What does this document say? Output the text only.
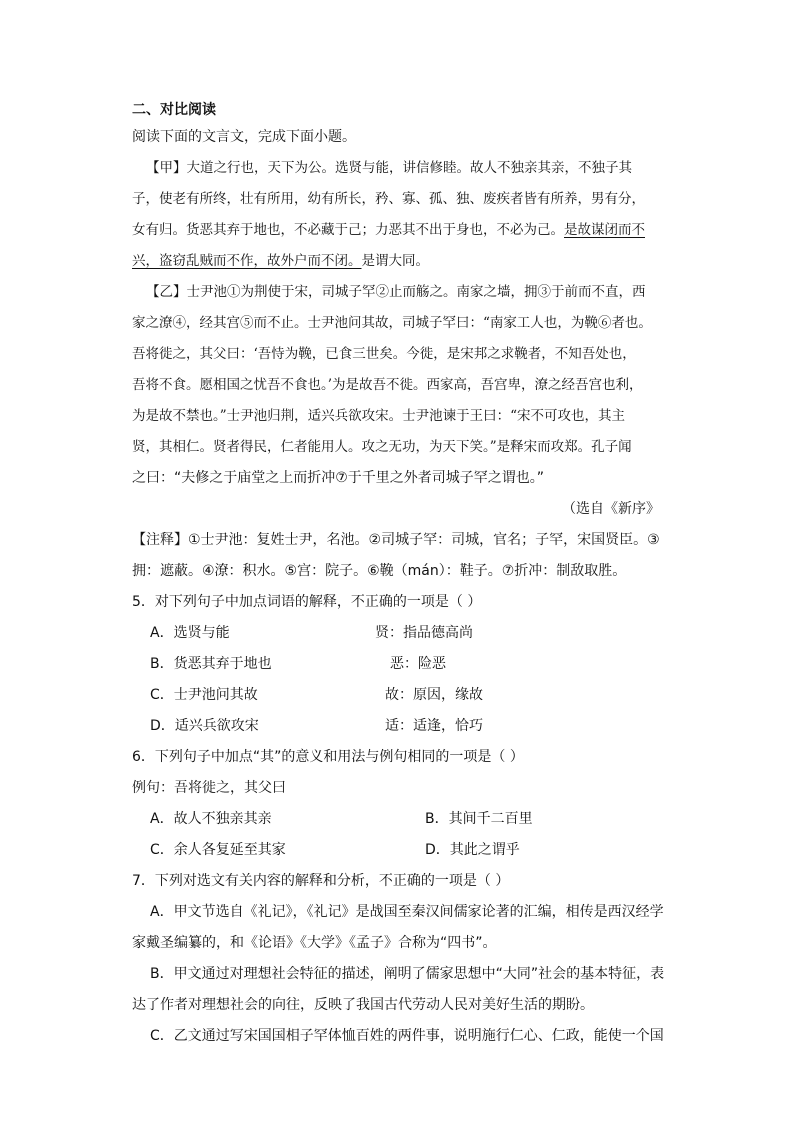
二、对比阅读
阅读下面的文言文，完成下面小题。
【甲】大道之行也，天下为公。选贤与能，讲信修睦。故人不独亲其亲，不独子其
子，使老有所终，壮有所用，幼有所长，矜、寡、孤、独、废疾者皆有所养，男有分，
女有归。货恶其弃于地也，不必藏于己；力恶其不出于身也，不必为己。是故谋闭而不
兴，盗窃乱贼而不作，故外户而不闭。是谓大同。
【乙】士尹池①为荆使于宋，司城子罕②止而觞之。南家之墙，拥③于前而不直，西
家之潦④，经其宫⑤而不止。士尹池问其故，司城子罕曰：“南家工人也，为鞔⑥者也。
吾将徙之，其父曰：‘吾恃为鞔，已食三世矣。今徙，是宋邦之求鞔者，不知吾处也，
吾将不食。愿相国之忧吾不食也。’为是故吾不徙。西家高，吾宫卑，潦之经吾宫也利，
为是故不禁也。”士尹池归荆，适兴兵欲攻宋。士尹池谏于王曰：“宋不可攻也，其主
贤，其相仁。贤者得民，仁者能用人。攻之无功，为天下笑。”是释宋而攻郑。孔子闻
之曰：“夫修之于庙堂之上而折冲⑦于千里之外者司城子罕之谓也。”
（选自《新序》
【注释】①士尹池：复姓士尹，名池。②司城子罕：司城，官名；子罕，宋国贤臣。③
拥：遮蔽。④潦：积水。⑤宫：院子。⑥鞔（mán）：鞋子。⑦折冲：制敌取胜。
5．对下列句子中加点词语的解释，不正确的一项是（ ）
A．选贤与能	贤：指品德高尚
B．货恶其弃于地也	恶：险恶
C．士尹池问其故	故：原因，缘故
D．适兴兵欲攻宋	适：适逢，恰巧
6．下列句子中加点“其”的意义和用法与例句相同的一项是（ ）
例句：吾将徙之，其父曰
A．故人不独亲其亲	B．其间千二百里
C．余人各复延至其家	D．其此之谓乎
7．下列对选文有关内容的解释和分析，不正确的一项是（ ）
A．甲文节选自《礼记》，《礼记》是战国至秦汉间儒家论著的汇编，相传是西汉经学
家戴圣编纂的，和《论语》《大学》《孟子》合称为“四书”。
B．甲文通过对理想社会特征的描述，阐明了儒家思想中“大同”社会的基本特征，表
达了作者对理想社会的向往，反映了我国古代劳动人民对美好生活的期盼。
C．乙文通过写宋国国相子罕体恤百姓的两件事，说明施行仁心、仁政，能使一个国
